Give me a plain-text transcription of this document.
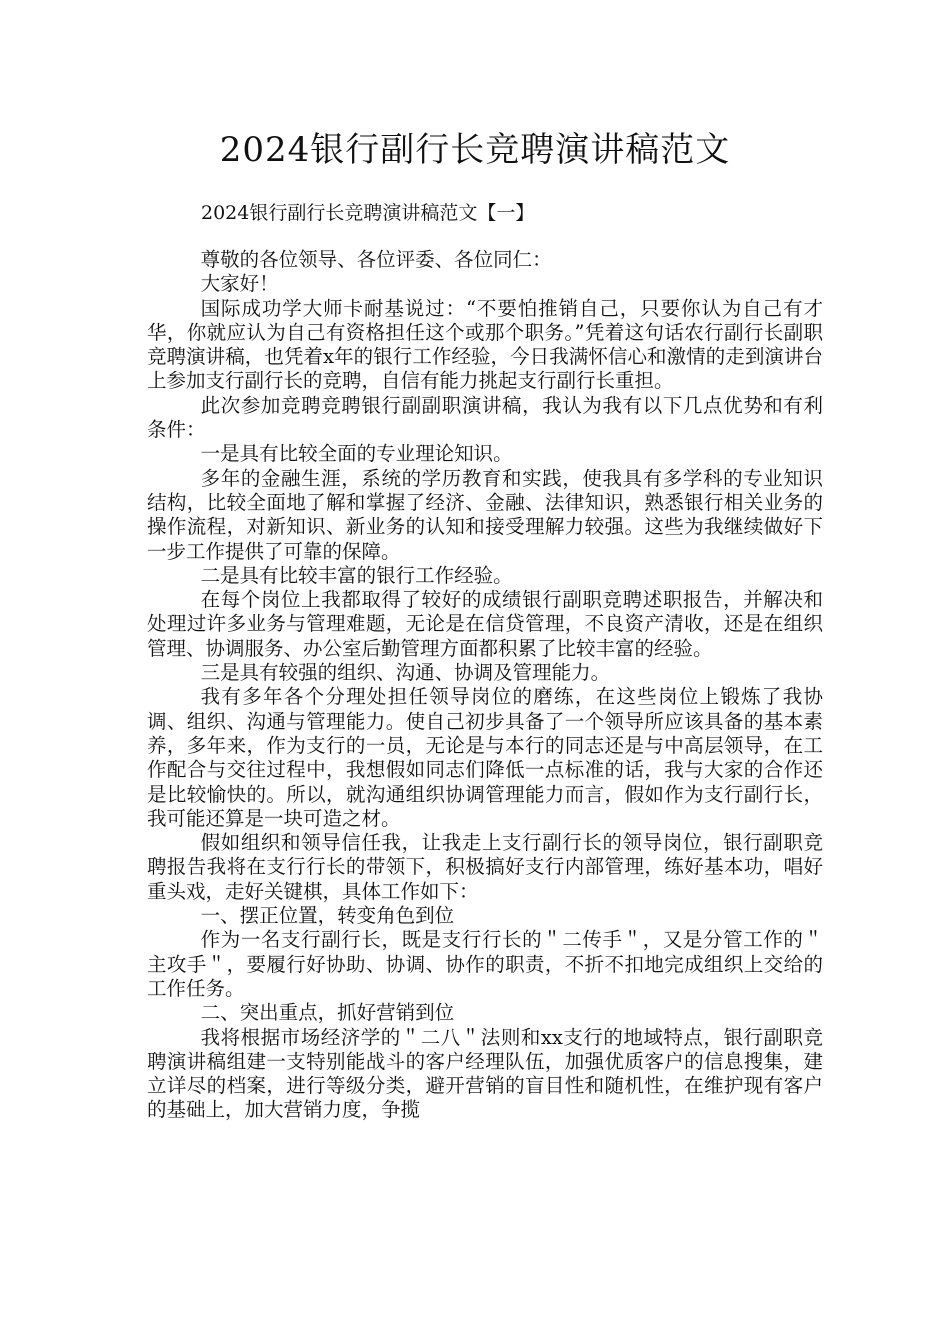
2024银行副行长竞聘演讲稿范文
2024银行副行长竞聘演讲稿范文【一】

尊敬的各位领导、各位评委、各位同仁：

大家好！

国际成功学大师卡耐基说过：“不要怕推销自己，只要你认为自己有才华，你就应认为自己有资格担任这个或那个职务。”凭着这句话农行副行长副职竞聘演讲稿，也凭着x年的银行工作经验，今日我满怀信心和激情的走到演讲台上参加支行副行长的竞聘，自信有能力挑起支行副行长重担。

此次参加竞聘竞聘银行副副职演讲稿，我认为我有以下几点优势和有利条件：

一是具有比较全面的专业理论知识。

多年的金融生涯，系统的学历教育和实践，使我具有多学科的专业知识结构，比较全面地了解和掌握了经济、金融、法律知识，熟悉银行相关业务的操作流程，对新知识、新业务的认知和接受理解力较强。这些为我继续做好下一步工作提供了可靠的保障。

二是具有比较丰富的银行工作经验。

在每个岗位上我都取得了较好的成绩银行副职竞聘述职报告，并解决和处理过许多业务与管理难题，无论是在信贷管理，不良资产清收，还是在组织管理、协调服务、办公室后勤管理方面都积累了比较丰富的经验。

三是具有较强的组织、沟通、协调及管理能力。

我有多年各个分理处担任领导岗位的磨练，在这些岗位上锻炼了我协调、组织、沟通与管理能力。使自己初步具备了一个领导所应该具备的基本素养，多年来，作为支行的一员，无论是与本行的同志还是与中高层领导，在工作配合与交往过程中，我想假如同志们降低一点标准的话，我与大家的合作还是比较愉快的。所以，就沟通组织协调管理能力而言，假如作为支行副行长，我可能还算是一块可造之材。

假如组织和领导信任我，让我走上支行副行长的领导岗位，银行副职竞聘报告我将在支行行长的带领下，积极搞好支行内部管理，练好基本功，唱好重头戏，走好关键棋，具体工作如下：

一、摆正位置，转变角色到位

作为一名支行副行长，既是支行行长的＂二传手＂，又是分管工作的＂主攻手＂，要履行好协助、协调、协作的职责，不折不扣地完成组织上交给的工作任务。

二、突出重点，抓好营销到位

我将根据市场经济学的＂二八＂法则和xx支行的地域特点，银行副职竞聘演讲稿组建一支特别能战斗的客户经理队伍，加强优质客户的信息搜集，建立详尽的档案，进行等级分类，避开营销的盲目性和随机性，在维护现有客户的基础上，加大营销力度，争揽
